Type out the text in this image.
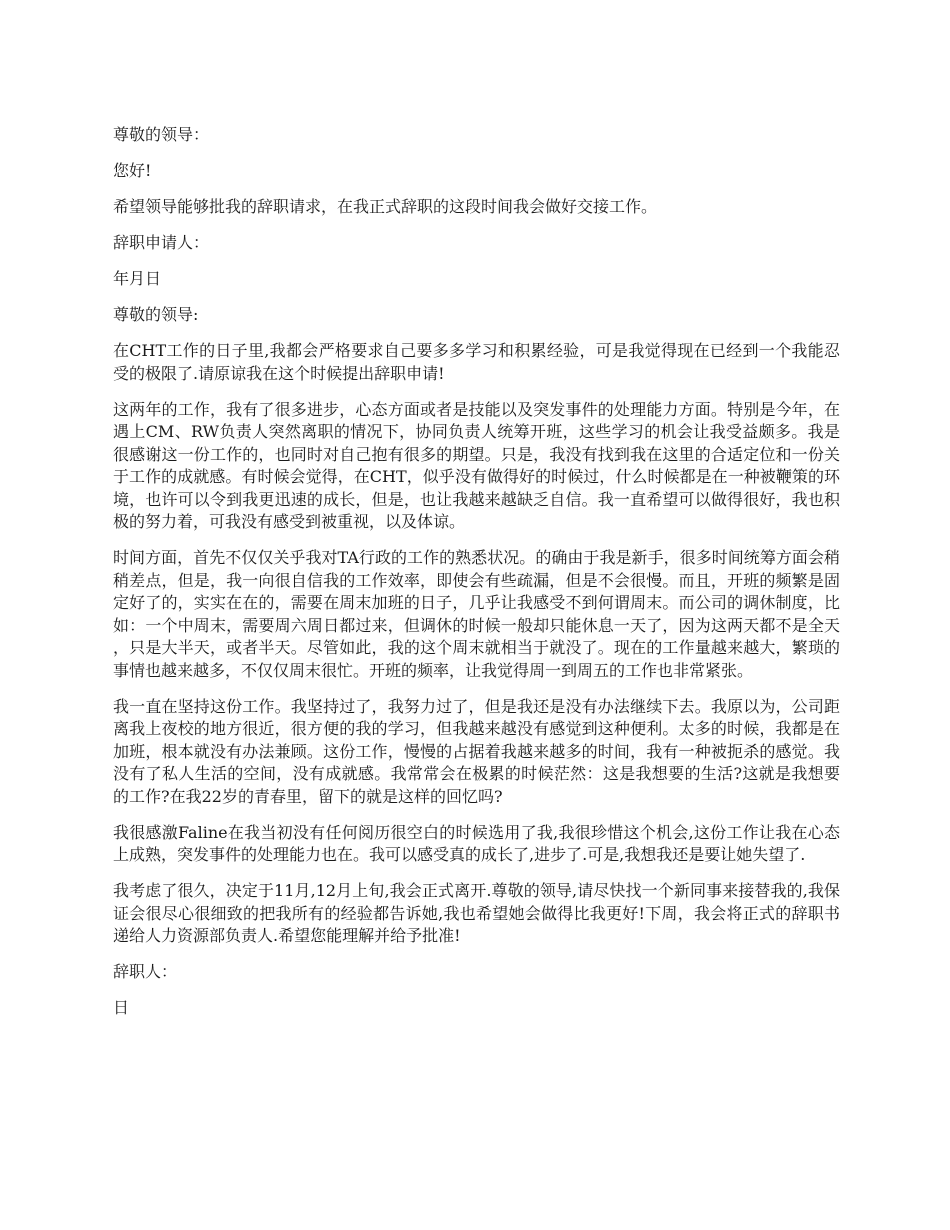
尊敬的领导：

您好!

希望领导能够批我的辞职请求，在我正式辞职的这段时间我会做好交接工作。

辞职申请人：

年月日

尊敬的领导:

在CHT工作的日子里,我都会严格要求自己要多多学习和积累经验，可是我觉得现在已经到一个我能忍受的极限了.请原谅我在这个时候提出辞职申请!

这两年的工作，我有了很多进步，心态方面或者是技能以及突发事件的处理能力方面。特别是今年，在遇上CM、RW负责人突然离职的情况下，协同负责人统筹开班，这些学习的机会让我受益颇多。我是很感谢这一份工作的，也同时对自己抱有很多的期望。只是，我没有找到我在这里的合适定位和一份关于工作的成就感。有时候会觉得，在CHT，似乎没有做得好的时候过，什么时候都是在一种被鞭策的环境，也许可以令到我更迅速的成长，但是，也让我越来越缺乏自信。我一直希望可以做得很好，我也积极的努力着，可我没有感受到被重视，以及体谅。

时间方面，首先不仅仅关乎我对TA行政的工作的熟悉状况。的确由于我是新手，很多时间统筹方面会稍稍差点，但是，我一向很自信我的工作效率，即使会有些疏漏，但是不会很慢。而且，开班的频繁是固定好了的，实实在在的，需要在周末加班的日子，几乎让我感受不到何谓周末。而公司的调休制度，比如：一个中周末，需要周六周日都过来，但调休的时候一般却只能休息一天了，因为这两天都不是全天，只是大半天，或者半天。尽管如此，我的这个周末就相当于就没了。现在的工作量越来越大，繁琐的事情也越来越多，不仅仅周末很忙。开班的频率，让我觉得周一到周五的工作也非常紧张。

我一直在坚持这份工作。我坚持过了，我努力过了，但是我还是没有办法继续下去。我原以为，公司距离我上夜校的地方很近，很方便的我的学习，但我越来越没有感觉到这种便利。太多的时候，我都是在加班，根本就没有办法兼顾。这份工作，慢慢的占据着我越来越多的时间，我有一种被扼杀的感觉。我没有了私人生活的空间，没有成就感。我常常会在极累的时候茫然：这是我想要的生活?这就是我想要的工作?在我22岁的青春里，留下的就是这样的回忆吗?

我很感激Faline在我当初没有任何阅历很空白的时候选用了我,我很珍惜这个机会,这份工作让我在心态上成熟，突发事件的处理能力也在。我可以感受真的成长了,进步了.可是,我想我还是要让她失望了.

我考虑了很久，决定于11月,12月上旬,我会正式离开.尊敬的领导,请尽快找一个新同事来接替我的,我保证会很尽心很细致的把我所有的经验都告诉她,我也希望她会做得比我更好!下周，我会将正式的辞职书递给人力资源部负责人.希望您能理解并给予批准!

辞职人：

日
